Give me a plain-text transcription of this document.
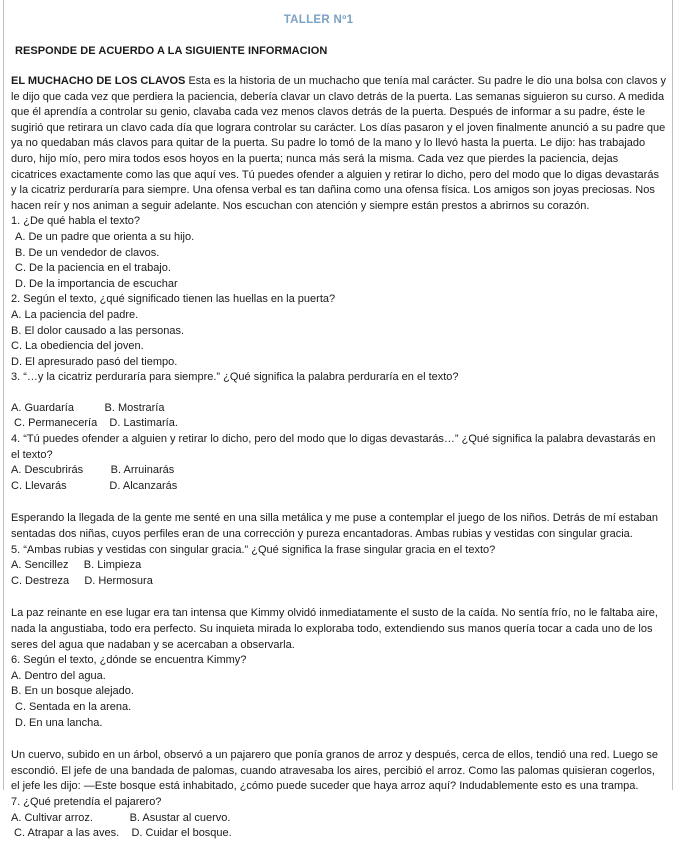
TALLER Nº1
RESPONDE DE ACUERDO A LA SIGUIENTE INFORMACION

EL MUCHACHO DE LOS CLAVOS Esta es la historia de un muchacho que tenía mal carácter. Su padre le dio una bolsa con clavos y le dijo que cada vez que perdiera la paciencia, debería clavar un clavo detrás de la puerta. Las semanas siguieron su curso. A medida que él aprendía a controlar su genio, clavaba cada vez menos clavos detrás de la puerta. Después de informar a su padre, éste le sugirió que retirara un clavo cada día que lograra controlar su carácter. Los días pasaron y el joven finalmente anunció a su padre que ya no quedaban más clavos para quitar de la puerta. Su padre lo tomó de la mano y lo llevó hasta la puerta. Le dijo: has trabajado duro, hijo mío, pero mira todos esos hoyos en la puerta; nunca más será la misma. Cada vez que pierdes la paciencia, dejas cicatrices exactamente como las que aquí ves. Tú puedes ofender a alguien y retirar lo dicho, pero del modo que lo digas devastarás y la cicatriz perduraría para siempre. Una ofensa verbal es tan dañina como una ofensa física. Los amigos son joyas preciosas. Nos hacen reír y nos animan a seguir adelante. Nos escuchan con atención y siempre están prestos a abrirnos su corazón.

1. ¿De qué habla el texto?

A. De un padre que orienta a su hijo.

B. De un vendedor de clavos.

C. De la paciencia en el trabajo.

D. De la importancia de escuchar

2. Según el texto, ¿qué significado tienen las huellas en la puerta?

A. La paciencia del padre.

B. El dolor causado a las personas.

C. La obediencia del joven.

D. El apresurado pasó del tiempo.

3. “…y la cicatriz perduraría para siempre.” ¿Qué significa la palabra perduraría en el texto?

A. Guardaría          B. Mostraría

C. Permanecería    D. Lastimaría.

4. “Tú puedes ofender a alguien y retirar lo dicho, pero del modo que lo digas devastarás…” ¿Qué significa la palabra devastarás en el texto?

A. Descubrirás         B. Arruinarás

C. Llevarás              D. Alcanzarás

Esperando la llegada de la gente me senté en una silla metálica y me puse a contemplar el juego de los niños. Detrás de mí estaban sentadas dos niñas, cuyos perfiles eran de una corrección y pureza encantadoras. Ambas rubias y vestidas con singular gracia.

5. “Ambas rubias y vestidas con singular gracia.” ¿Qué significa la frase singular gracia en el texto?

A. Sencillez     B. Limpieza

C. Destreza     D. Hermosura

La paz reinante en ese lugar era tan intensa que Kimmy olvidó inmediatamente el susto de la caída. No sentía frío, no le faltaba aire, nada la angustiaba, todo era perfecto. Su inquieta mirada lo exploraba todo, extendiendo sus manos quería tocar a cada uno de los seres del agua que nadaban y se acercaban a observarla.

6. Según el texto, ¿dónde se encuentra Kimmy?

A. Dentro del agua.

B. En un bosque alejado.

C. Sentada en la arena.

D. En una lancha.

Un cuervo, subido en un árbol, observó a un pajarero que ponía granos de arroz y después, cerca de ellos, tendió una red. Luego se escondió. El jefe de una bandada de palomas, cuando atravesaba los aires, percibió el arroz. Como las palomas quisieran cogerlos, el jefe les dijo: —Este bosque está inhabitado, ¿cómo puede suceder que haya arroz aquí? Indudablemente esto es una trampa.

7. ¿Qué pretendía el pajarero?

A. Cultivar arroz.            B. Asustar al cuervo.

C. Atrapar a las aves.    D. Cuidar el bosque.
